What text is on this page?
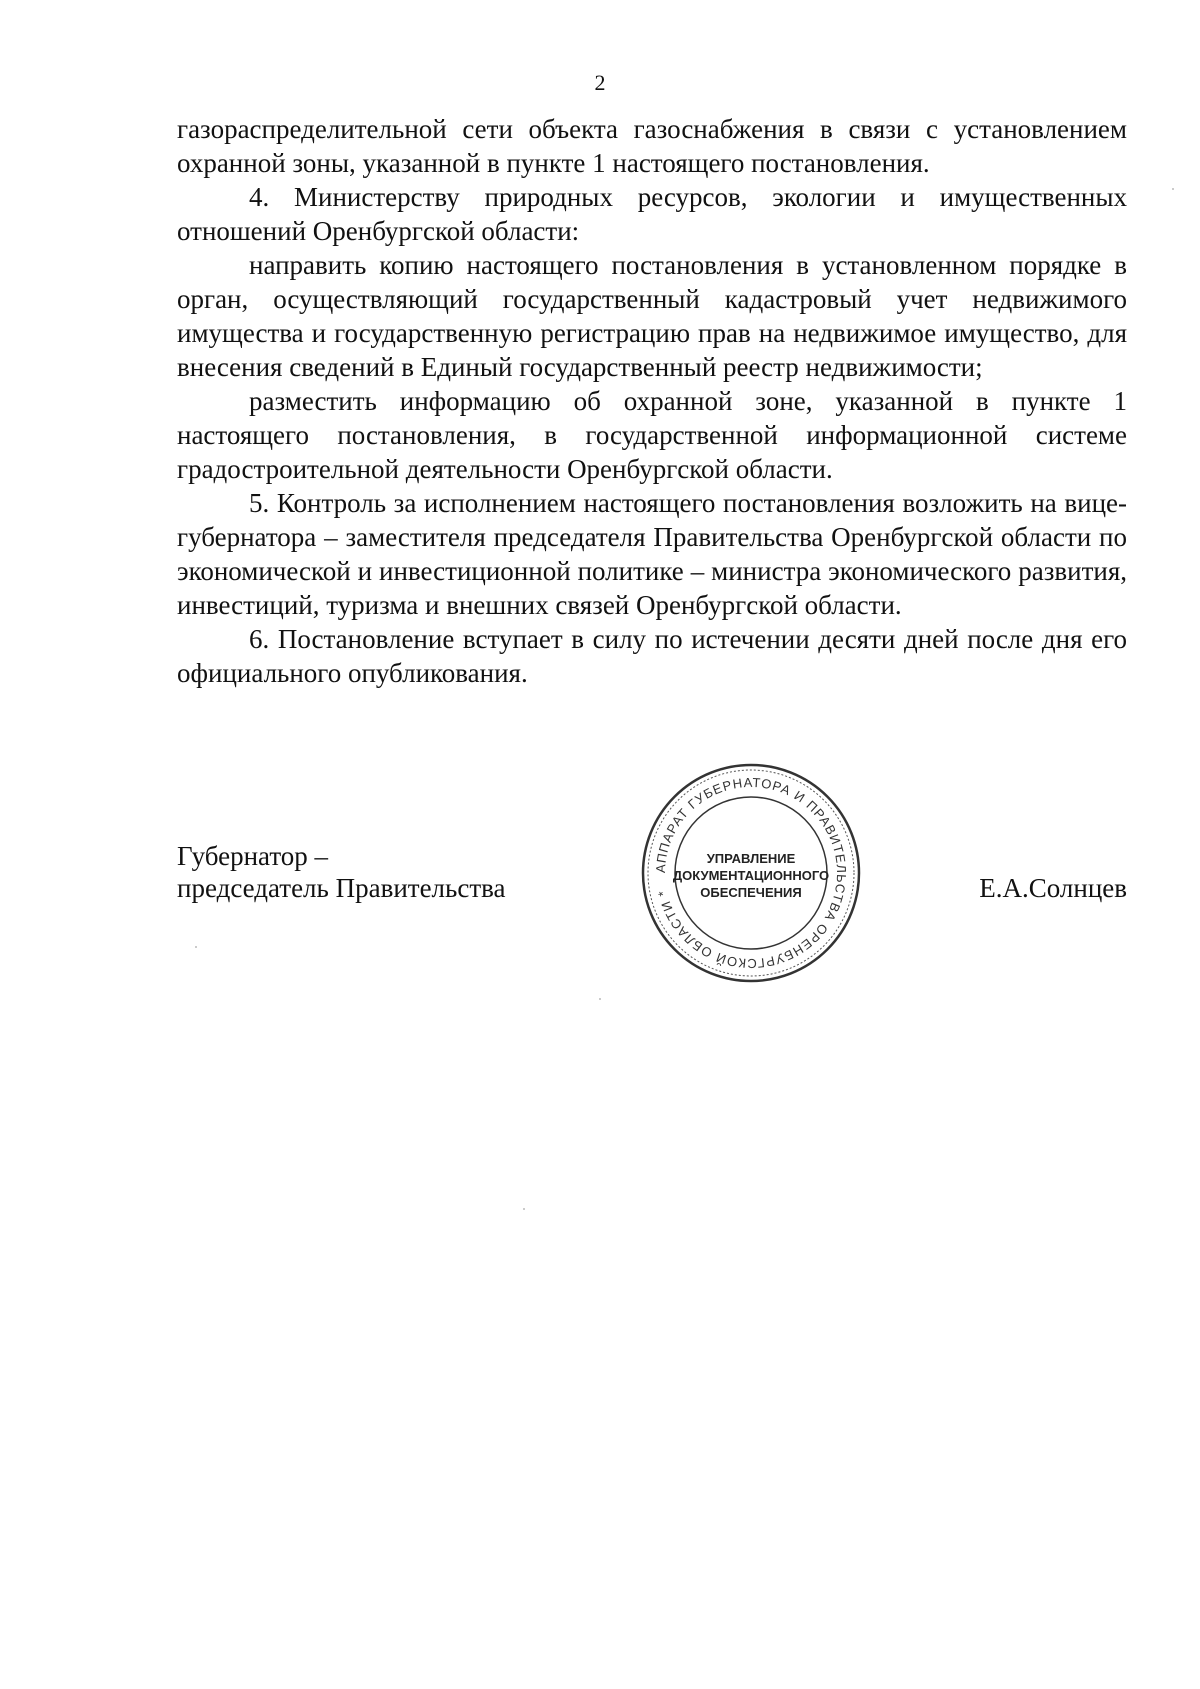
2

газораспределительной сети объекта газоснабжения в связи с установлением охранной зоны, указанной в пункте 1 настоящего постановления.

4. Министерству природных ресурсов, экологии и имущественных отношений Оренбургской области:

направить копию настоящего постановления в установленном порядке в орган, осуществляющий государственный кадастровый учет недвижимого имущества и государственную регистрацию прав на недвижимое имущество, для внесения сведений в Единый государственный реестр недвижимости;

разместить информацию об охранной зоне, указанной в пункте 1 настоящего постановления, в государственной информационной системе градостроительной деятельности Оренбургской области.

5. Контроль за исполнением настоящего постановления возложить на вице-губернатора – заместителя председателя Правительства Оренбургской области по экономической и инвестиционной политике – министра экономического развития, инвестиций, туризма и внешних связей Оренбургской области.

6. Постановление вступает в силу по истечении десяти дней после дня его официального опубликования.

Губернатор –
председатель Правительства	Е.А.Солнцев
АППАРАТ ГУБЕРНАТОРА И ПРАВИТЕЛЬСТВА ОРЕНБУРГСКОЙ ОБЛАСТИ *
УПРАВЛЕНИЕ
ДОКУМЕНТАЦИОННОГО
ОБЕСПЕЧЕНИЯ
